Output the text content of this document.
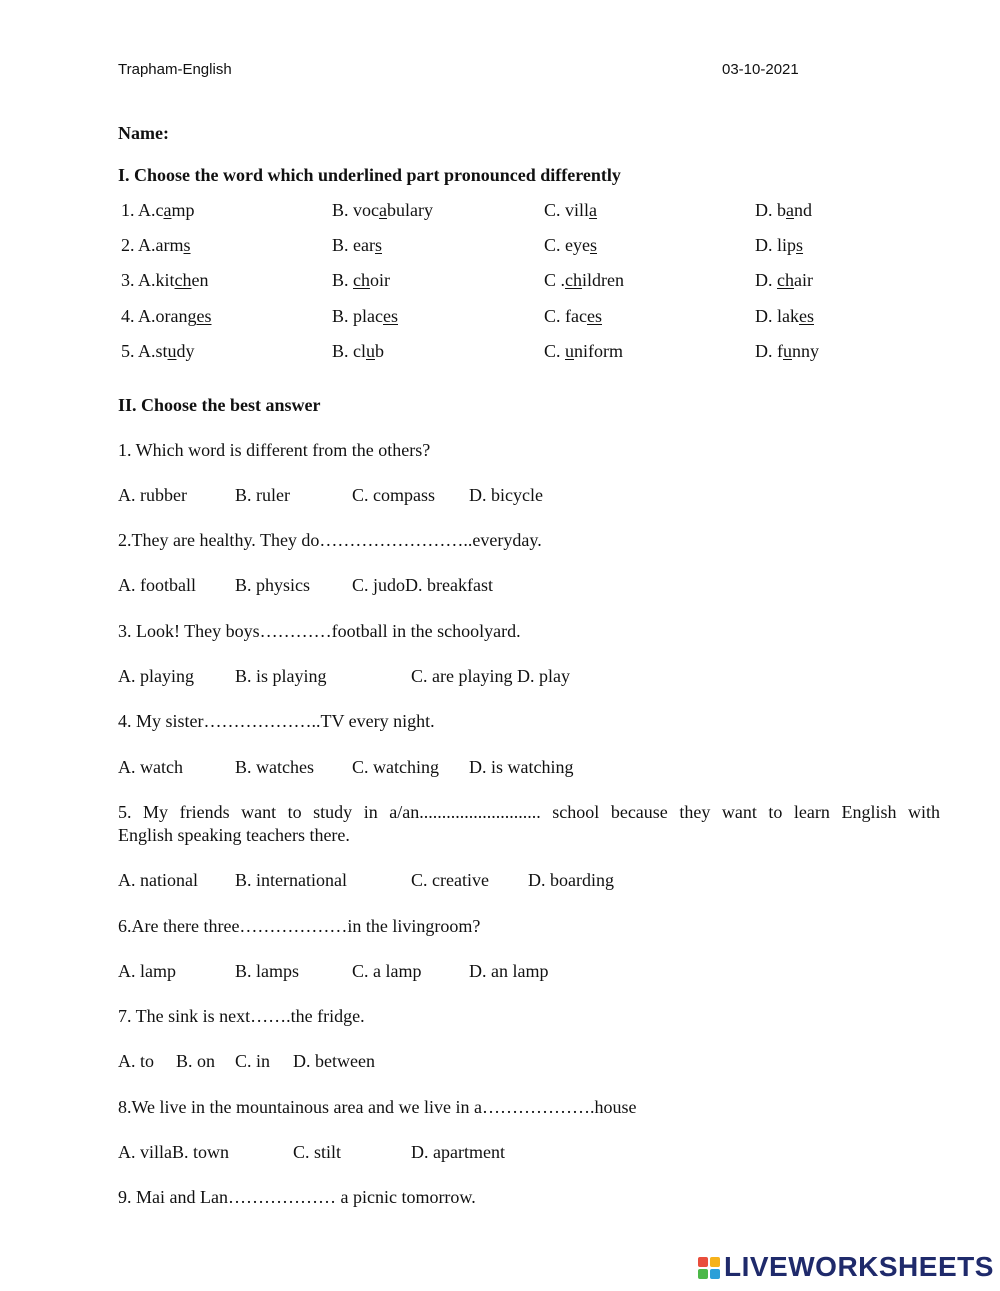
Trapham-English	03-10-2021
Name:
I. Choose the word which underlined part pronounced differently
1. A.camp	B. vocabulary	C. villa	D. band
2. A.arms	B. ears	C. eyes	D. lips
3. A.kitchen	B. choir	C .children	D. chair
4. A.oranges	B. places	C. faces	D. lakes
5. A.study	B. club	C. uniform	D. funny
II. Choose the best answer
1. Which word is different from the others?
A. rubber	B. ruler	C. compass D. bicycle
2.They are healthy. They do……………………..everyday.
A. football B. physics C. judoD. breakfast
3. Look! They boys…………football in the schoolyard.
A. playing B. is playing	C. are playing D. play
4. My sister………………..TV every night.
A. watch	B. watches C. watching D. is watching
5. My friends want to study in a/an........................... school because they want to learn English with
English speaking teachers there.
A. national B. international	C. creative D. boarding
6.Are there three………………in the livingroom?
A. lamp	B. lamps	C. a lamp	D. an lamp
7. The sink is next…….the fridge.
A. to B. on C. in D. between
8.We live in the mountainous area and we live in a……………….house
A. villaB. town	C. stilt	D. apartment
9. Mai and Lan……………… a picnic tomorrow.
LIVEWORKSHEETS
